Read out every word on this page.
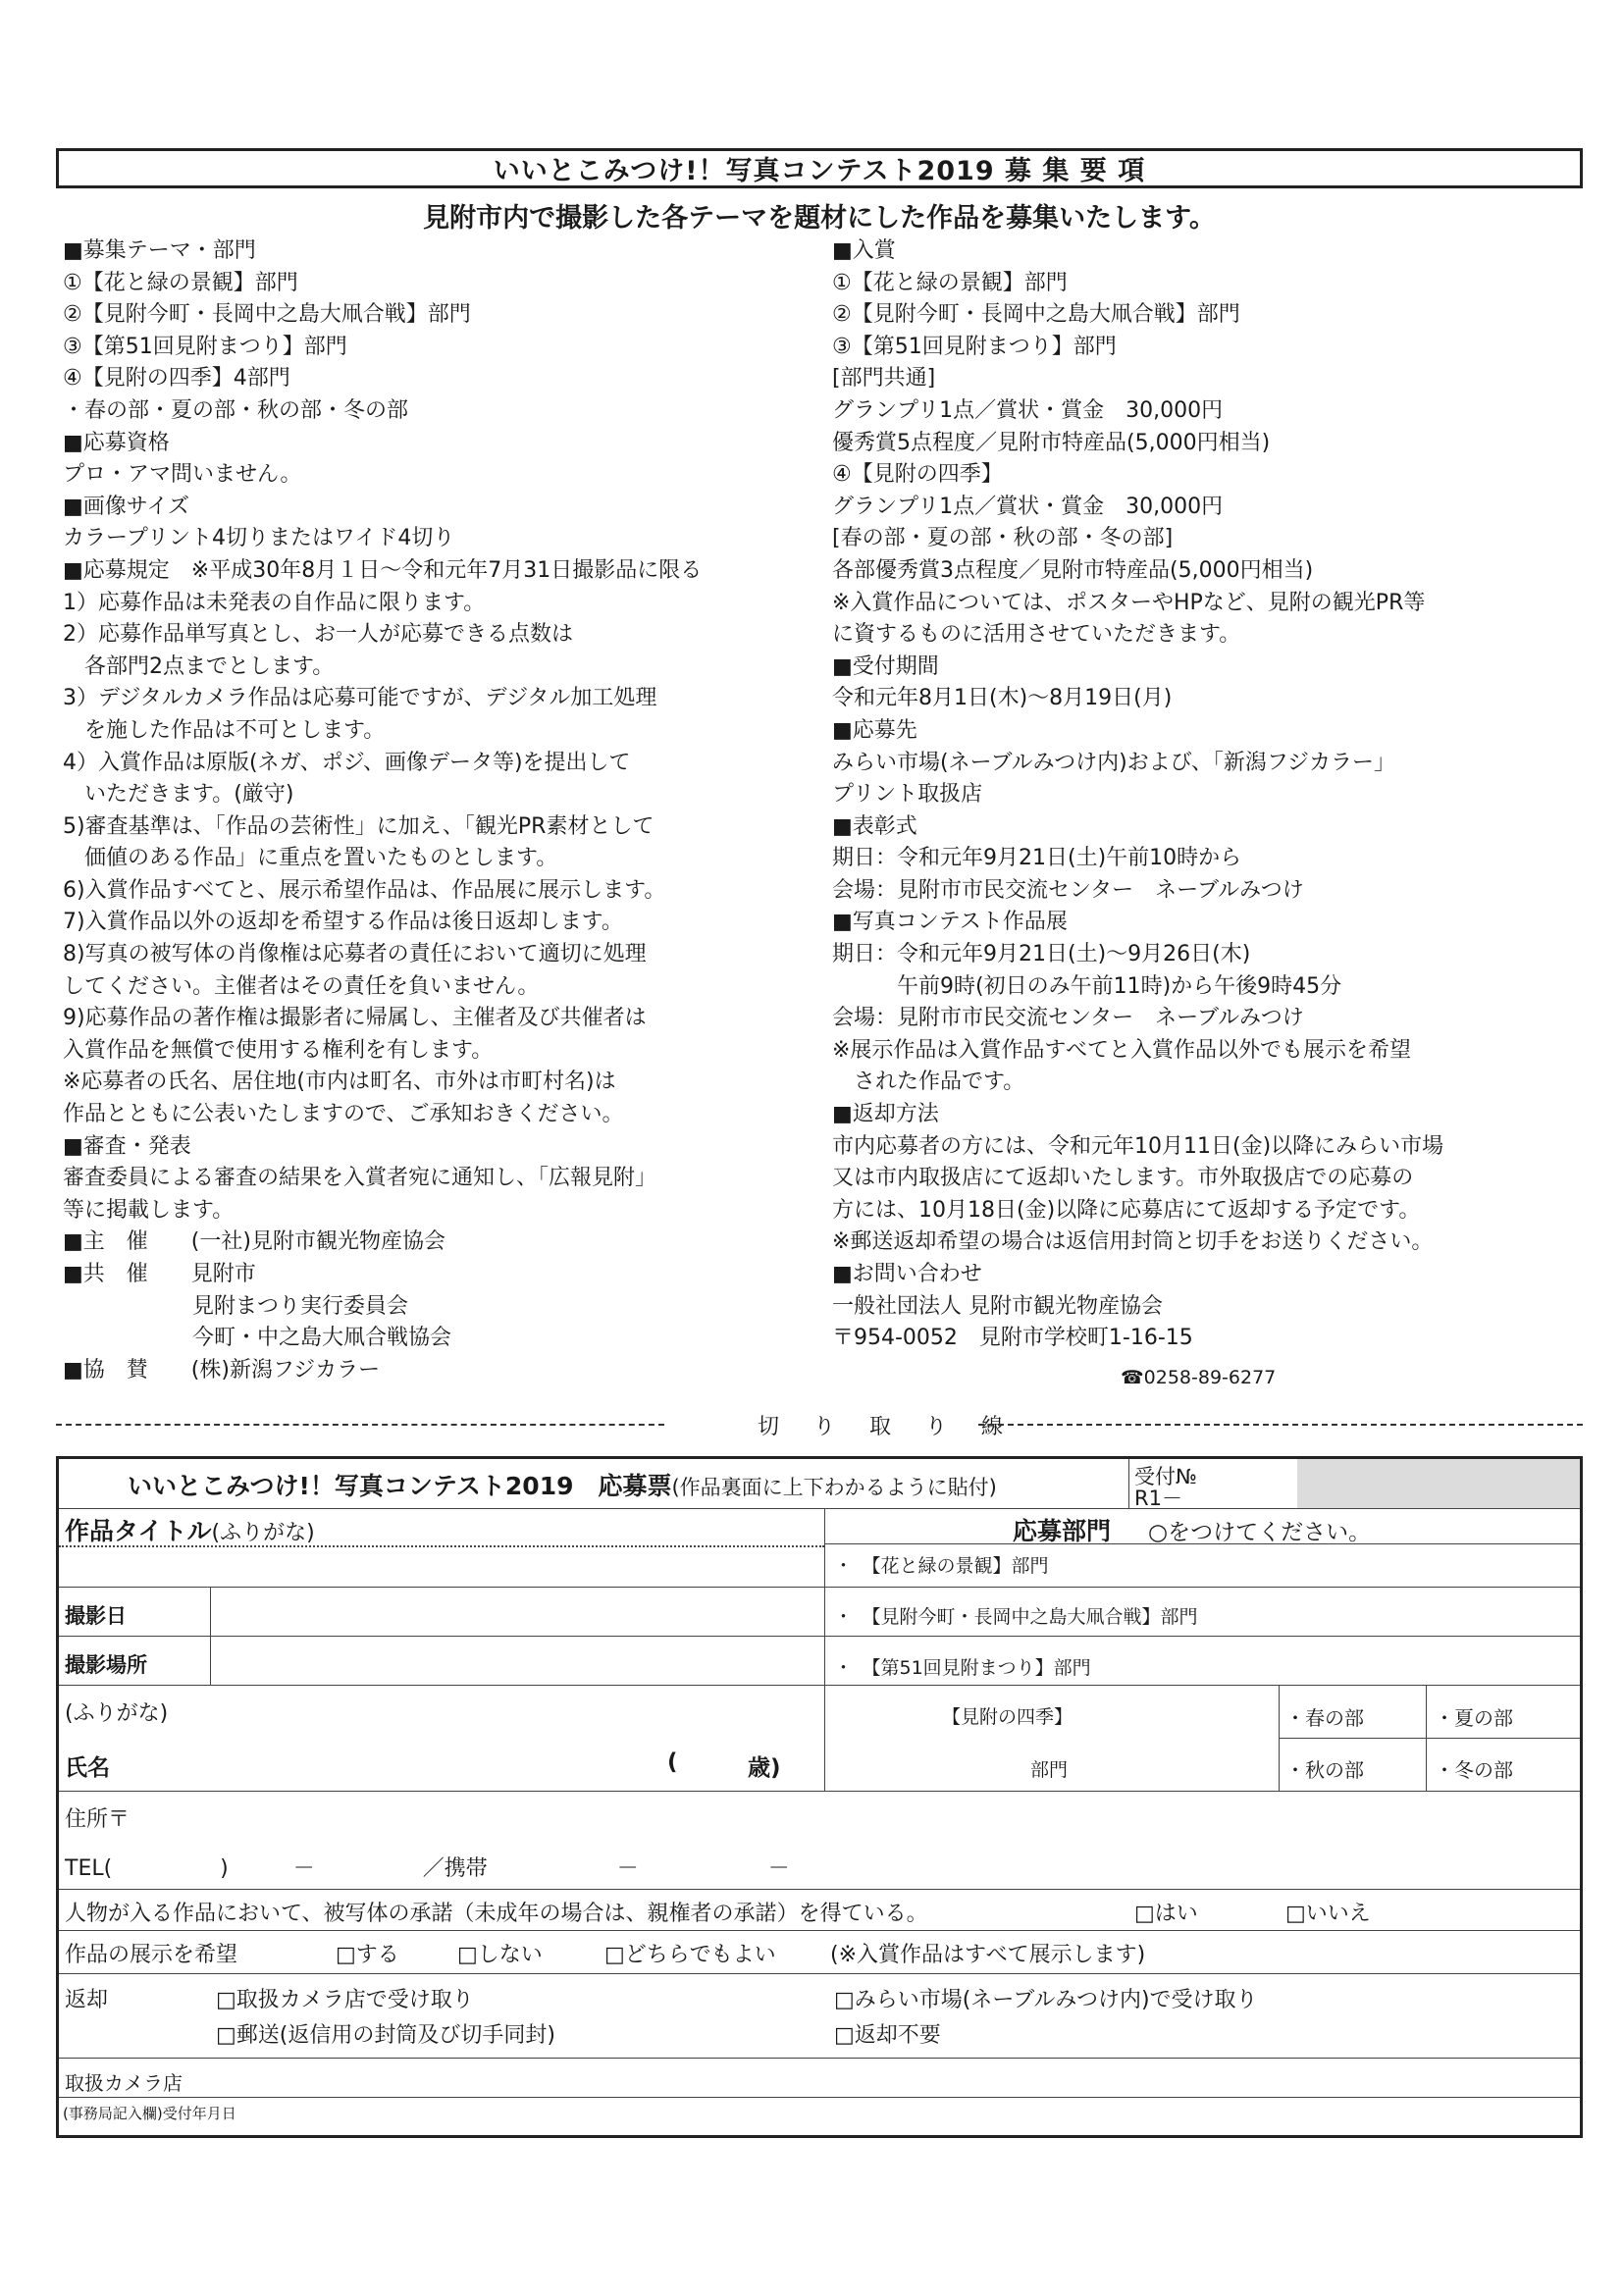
いいとこみつけ!！写真コンテスト2019 募 集 要 項
見附市内で撮影した各テーマを題材にした作品を募集いたします。
■募集テーマ・部門
①【花と緑の景観】部門
②【見附今町・長岡中之島大凧合戦】部門
③【第51回見附まつり】部門
④【見附の四季】4部門
・春の部・夏の部・秋の部・冬の部
■応募資格
プロ・アマ問いません。
■画像サイズ
カラープリント4切りまたはワイド4切り
■応募規定　※平成30年8月１日～令和元年7月31日撮影品に限る
1）応募作品は未発表の自作品に限ります。
2）応募作品単写真とし、お一人が応募できる点数は
　各部門2点までとします。
3）デジタルカメラ作品は応募可能ですが、デジタル加工処理
　を施した作品は不可とします。
4）入賞作品は原版(ネガ、ポジ、画像データ等)を提出して
　いただきます。(厳守)
5)審査基準は、「作品の芸術性」に加え、「観光PR素材として
　価値のある作品」に重点を置いたものとします。
6)入賞作品すべてと、展示希望作品は、作品展に展示します。
7)入賞作品以外の返却を希望する作品は後日返却します。
8)写真の被写体の肖像権は応募者の責任において適切に処理
してください。主催者はその責任を負いません。
9)応募作品の著作権は撮影者に帰属し、主催者及び共催者は
入賞作品を無償で使用する権利を有します。
※応募者の氏名、居住地(市内は町名、市外は市町村名)は
作品とともに公表いたしますので、ご承知おきください。
■審査・発表
審査委員による審査の結果を入賞者宛に通知し、「広報見附」
等に掲載します。
■主　催　　(一社)見附市観光物産協会
■共　催　　見附市
　　　　　　見附まつり実行委員会
　　　　　　今町・中之島大凧合戦協会
■協　賛　　(株)新潟フジカラー
■入賞
①【花と緑の景観】部門
②【見附今町・長岡中之島大凧合戦】部門
③【第51回見附まつり】部門
[部門共通]
グランプリ1点／賞状・賞金　30,000円
優秀賞5点程度／見附市特産品(5,000円相当)
④【見附の四季】
グランプリ1点／賞状・賞金　30,000円
[春の部・夏の部・秋の部・冬の部]
各部優秀賞3点程度／見附市特産品(5,000円相当)
※入賞作品については、ポスターやHPなど、見附の観光PR等
に資するものに活用させていただきます。
■受付期間
令和元年8月1日(木)～8月19日(月)
■応募先
みらい市場(ネーブルみつけ内)および、「新潟フジカラー」
プリント取扱店
■表彰式
期日：令和元年9月21日(土)午前10時から
会場：見附市市民交流センター　ネーブルみつけ
■写真コンテスト作品展
期日：令和元年9月21日(土)～9月26日(木)
　　　午前9時(初日のみ午前11時)から午後9時45分
会場：見附市市民交流センター　ネーブルみつけ
※展示作品は入賞作品すべてと入賞作品以外でも展示を希望
　された作品です。
■返却方法
市内応募者の方には、令和元年10月11日(金)以降にみらい市場
又は市内取扱店にて返却いたします。市外取扱店での応募の
方には、10月18日(金)以降に応募店にて返却する予定です。
※郵送返却希望の場合は返信用封筒と切手をお送りください。
■お問い合わせ
一般社団法人 見附市観光物産協会
〒954-0052　見附市学校町1-16-15
☎0258-89-6277
切 り 取 り 線
いいとこみつけ!！写真コンテスト2019　応募票(作品裏面に上下わかるように貼付)	受付№
R1－
作品タイトル(ふりがな)	応募部門 ○をつけてください。
・　【花と緑の景観】部門
撮影日	・　【見附今町・長岡中之島大凧合戦】部門
撮影場所	・　【第51回見附まつり】部門
(ふりがな)
氏名	(	歳)
【見附の四季】
部門
・春の部	・夏の部
・秋の部	・冬の部
住所〒
TEL(　　　　　)　　　－　　　　　／携帯　　　　　　－　　　　　　－
人物が入る作品において、被写体の承諾（未成年の場合は、親権者の承諾）を得ている。	□はい	□いいえ
作品の展示を希望	□する	□しない	□どちらでもよい	(※入賞作品はすべて展示します)
返却	□取扱カメラ店で受け取り	□みらい市場(ネーブルみつけ内)で受け取り
□郵送(返信用の封筒及び切手同封)	□返却不要
取扱カメラ店
(事務局記入欄)受付年月日
